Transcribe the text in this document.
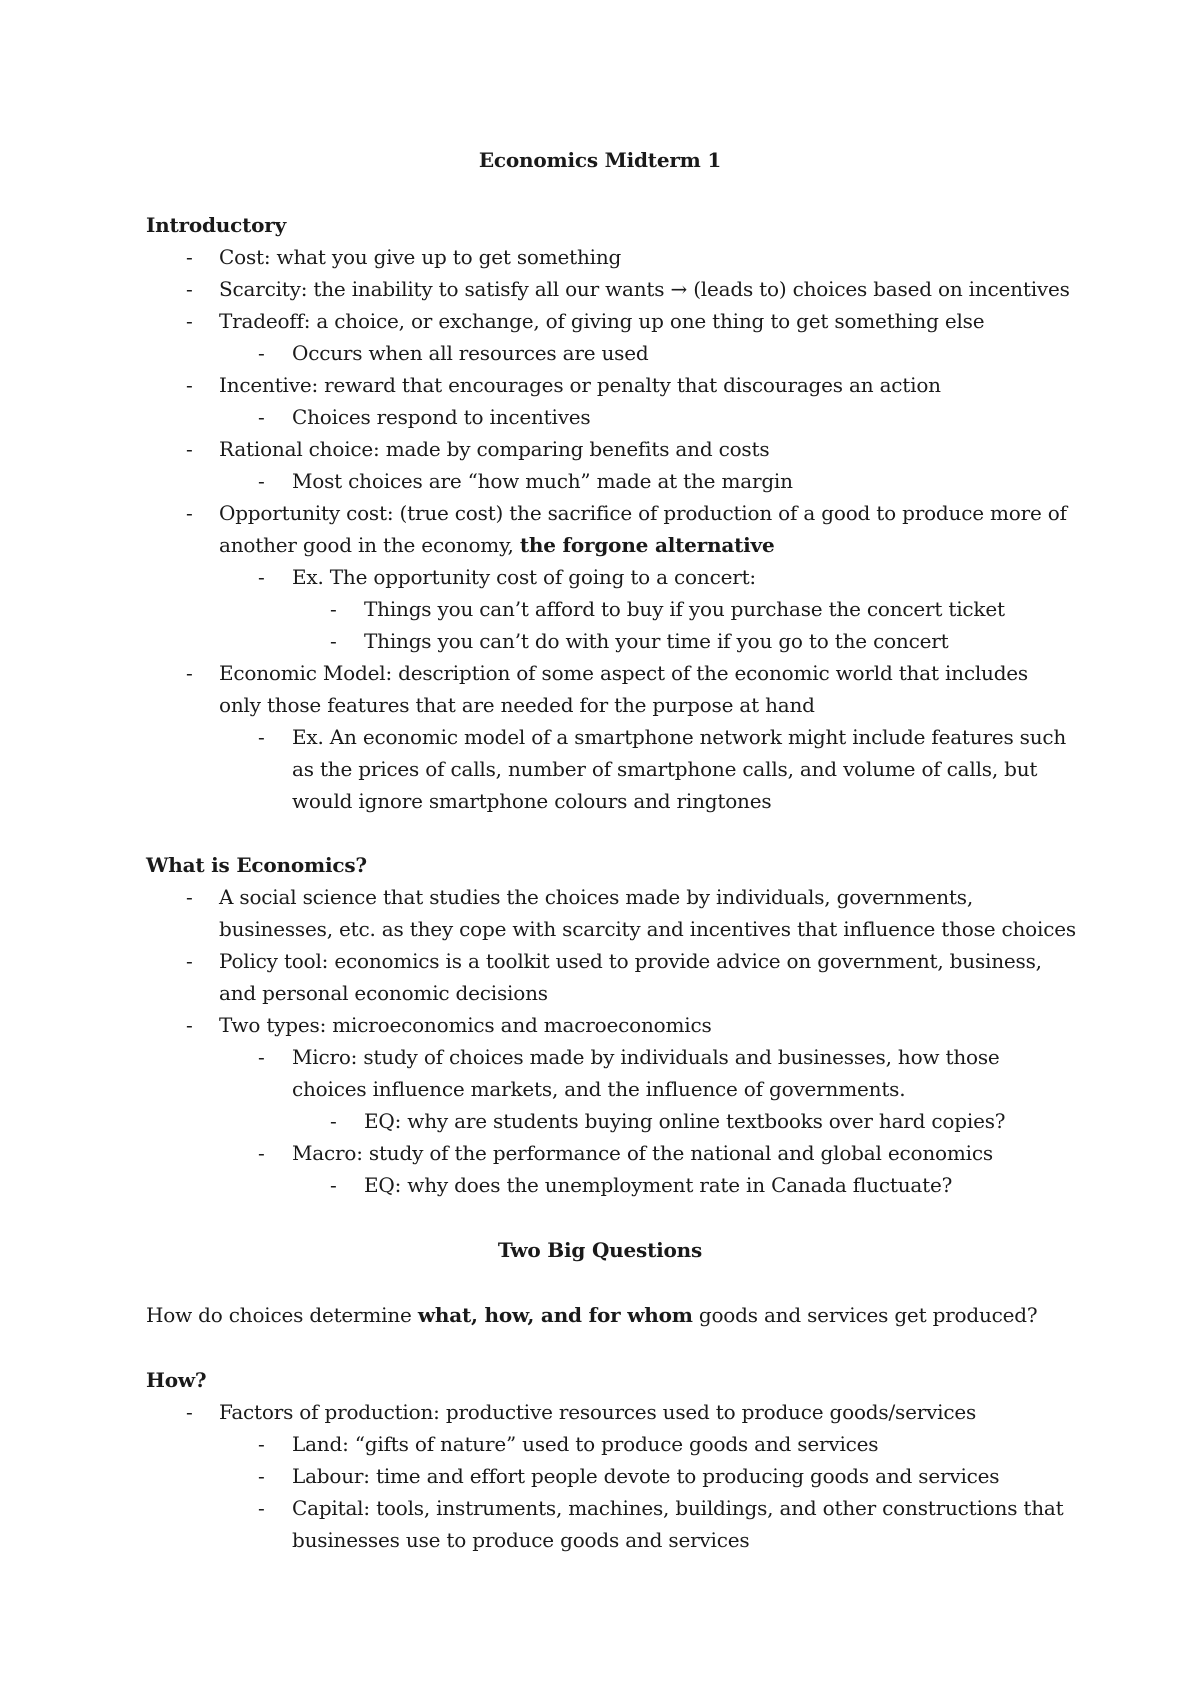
Economics Midterm 1
Introductory
- Cost: what you give up to get something
- Scarcity: the inability to satisfy all our wants → (leads to) choices based on incentives
- Tradeoff: a choice, or exchange, of giving up one thing to get something else
- Occurs when all resources are used
- Incentive: reward that encourages or penalty that discourages an action
- Choices respond to incentives
- Rational choice: made by comparing benefits and costs
- Most choices are “how much” made at the margin
- Opportunity cost: (true cost) the sacrifice of production of a good to produce more of
another good in the economy, the forgone alternative
- Ex. The opportunity cost of going to a concert:
- Things you can’t afford to buy if you purchase the concert ticket
- Things you can’t do with your time if you go to the concert
- Economic Model: description of some aspect of the economic world that includes
only those features that are needed for the purpose at hand
- Ex. An economic model of a smartphone network might include features such
as the prices of calls, number of smartphone calls, and volume of calls, but
would ignore smartphone colours and ringtones
What is Economics?
- A social science that studies the choices made by individuals, governments,
businesses, etc. as they cope with scarcity and incentives that influence those choices
- Policy tool: economics is a toolkit used to provide advice on government, business,
and personal economic decisions
- Two types: microeconomics and macroeconomics
- Micro: study of choices made by individuals and businesses, how those
choices influence markets, and the influence of governments.
- EQ: why are students buying online textbooks over hard copies?
- Macro: study of the performance of the national and global economics
- EQ: why does the unemployment rate in Canada fluctuate?
Two Big Questions
How do choices determine what, how, and for whom goods and services get produced?
How?
- Factors of production: productive resources used to produce goods/services
- Land: “gifts of nature” used to produce goods and services
- Labour: time and effort people devote to producing goods and services
- Capital: tools, instruments, machines, buildings, and other constructions that
businesses use to produce goods and services
